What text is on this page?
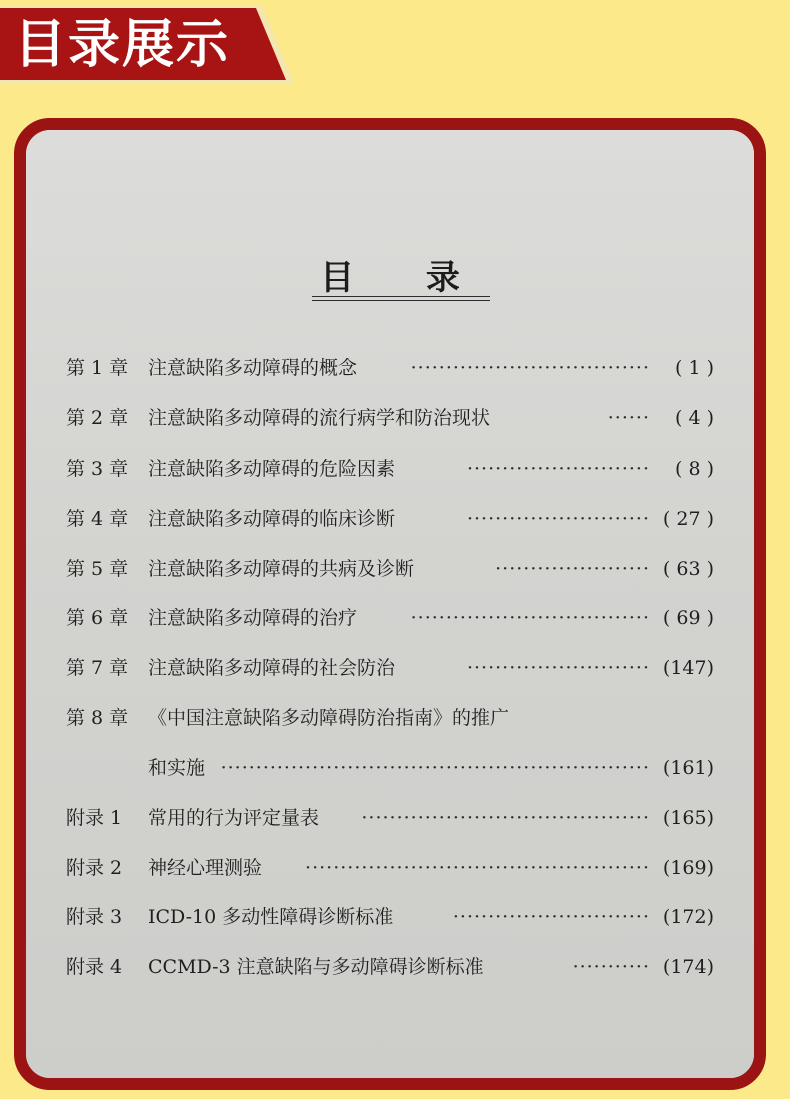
目录展示
目 录
第 1 章 注意缺陷多动障碍的概念	··································	( 1 )
第 2 章 注意缺陷多动障碍的流行病学和防治现状	······	( 4 )
第 3 章 注意缺陷多动障碍的危险因素	··························	( 8 )
第 4 章 注意缺陷多动障碍的临床诊断	·························· ( 27 )
第 5 章 注意缺陷多动障碍的共病及诊断	······················ ( 63 )
第 6 章 注意缺陷多动障碍的治疗	·································· ( 69 )
第 7 章 注意缺陷多动障碍的社会防治	·························· (147)
第 8 章 《中国注意缺陷多动障碍防治指南》的推广
和实施 ····························································· (161)
附录 1 常用的行为评定量表 ········································· (165)
附录 2 神经心理测验 ················································· (169)
附录 3 ICD-10 多动性障碍诊断标准	···························· (172)
附录 4 CCMD-3 注意缺陷与多动障碍诊断标准	··········· (174)
